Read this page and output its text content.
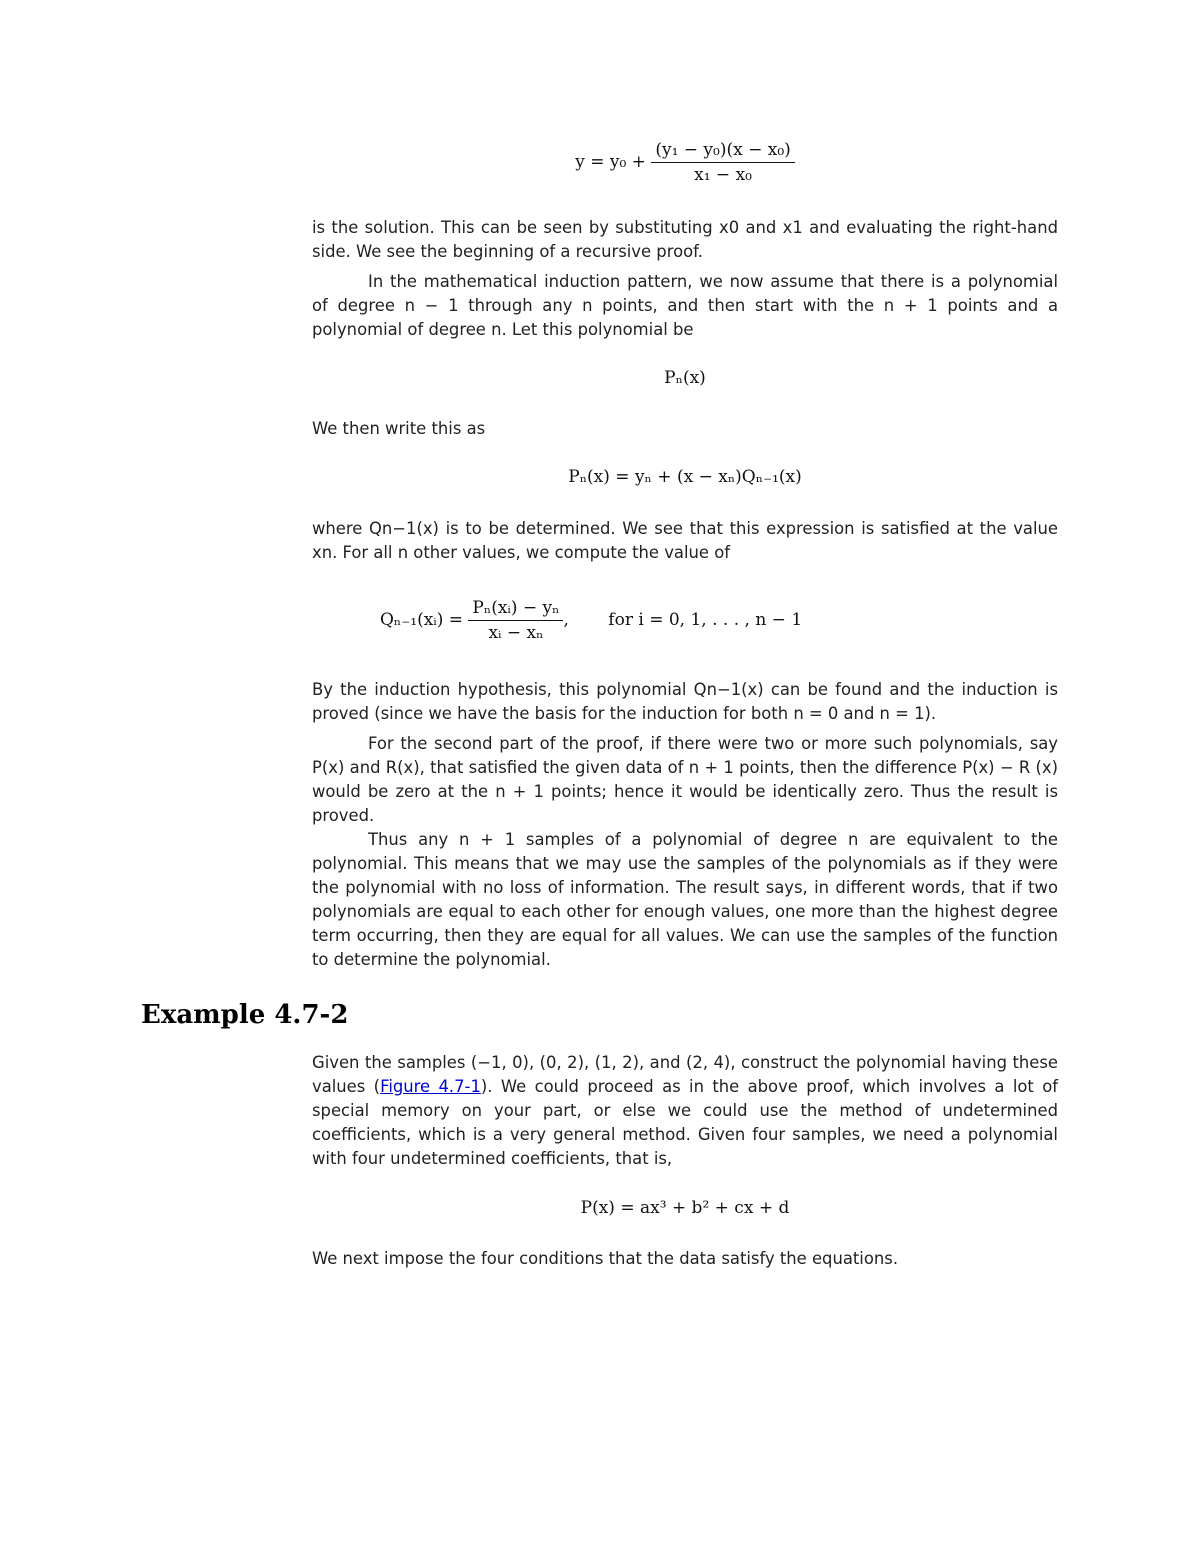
$y = y_0 + \frac{\text{(y₁ − y₀)(x − x₀)}}{\text{x₁ − x₀}}$

is the solution. This can be seen by substituting x0 and x1 and evaluating the right-hand side. We see the beginning of a recursive proof.

In the mathematical induction pattern, we now assume that there is a polynomial of degree n − 1 through any n points, and then start with the n + 1 points and a polynomial of degree n. Let this polynomial be

Pₙ(x)

We then write this as

Pₙ(x) = yₙ + (x − xₙ)Qₙ₋₁(x)

where Qn−1(x) is to be determined. We see that this expression is satisfied at the value xn. For all n other values, we compute the value of

Qₙ₋₁(xᵢ) = $\frac{\text{Pₙ(xᵢ) − yₙ}}{\text{xᵢ − xₙ}}$ , for i = 0, 1, . . . , n − 1

By the induction hypothesis, this polynomial Qn−1(x) can be found and the induction is proved (since we have the basis for the induction for both n = 0 and n = 1).

For the second part of the proof, if there were two or more such polynomials, say P(x) and R(x), that satisfied the given data of n + 1 points, then the difference P(x) − R (x) would be zero at the n + 1 points; hence it would be identically zero. Thus the result is proved.

Thus any n + 1 samples of a polynomial of degree n are equivalent to the polynomial. This means that we may use the samples of the polynomials as if they were the polynomial with no loss of information. The result says, in different words, that if two polynomials are equal to each other for enough values, one more than the highest degree term occurring, then they are equal for all values. We can use the samples of the function to determine the polynomial.

Example 4.7-2

Given the samples (−1, 0), (0, 2), (1, 2), and (2, 4), construct the polynomial having these values (Figure 4.7-1). We could proceed as in the above proof, which involves a lot of special memory on your part, or else we could use the method of undetermined coefficients, which is a very general method. Given four samples, we need a polynomial with four undetermined coefficients, that is,

P(x) = ax³ + b² + cx + d

We next impose the four conditions that the data satisfy the equations.
